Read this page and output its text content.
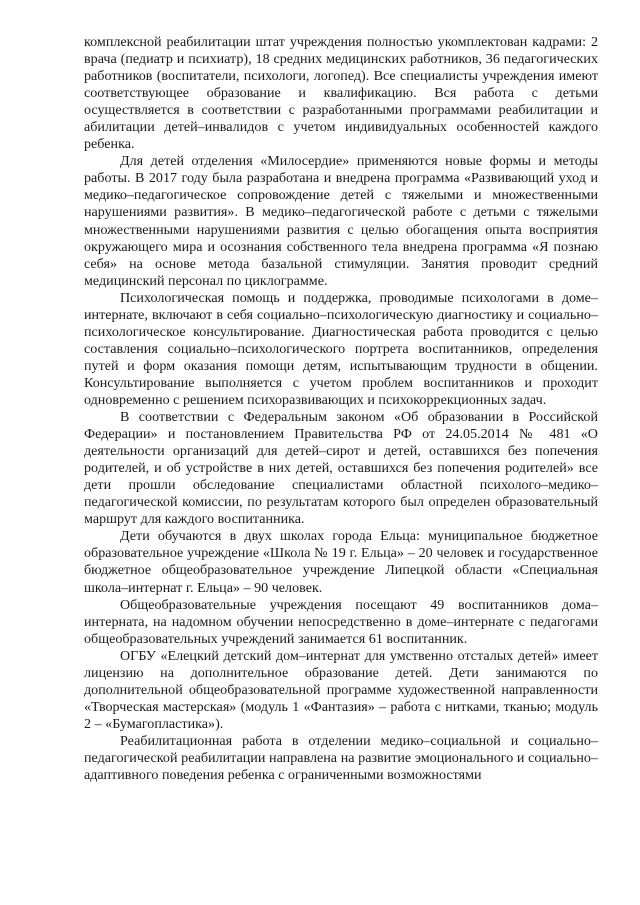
комплексной реабилитации штат учреждения полностью укомплектован кадрами: 2 врача (педиатр и психиатр), 18 средних медицинских работников, 36 педагогических работников (воспитатели, психологи, логопед). Все специалисты учреждения имеют соответствующее образование и квалификацию. Вся работа с детьми осуществляется в соответствии с разработанными программами реабилитации и абилитации детей–инвалидов с учетом индивидуальных особенностей каждого ребенка.

Для детей отделения «Милосердие» применяются новые формы и методы работы. В 2017 году была разработана и внедрена программа «Развивающий уход и медико–педагогическое сопровождение детей с тяжелыми и множественными нарушениями развития». В медико–педагогической работе с детьми с тяжелыми множественными нарушениями развития с целью обогащения опыта восприятия окружающего мира и осознания собственного тела внедрена программа «Я познаю себя» на основе метода базальной стимуляции. Занятия проводит средний медицинский персонал по циклограмме.

Психологическая помощь и поддержка, проводимые психологами в доме–интернате, включают в себя социально–психологическую диагностику и социально–психологическое консультирование. Диагностическая работа проводится с целью составления социально–психологического портрета воспитанников, определения путей и форм оказания помощи детям, испытывающим трудности в общении. Консультирование выполняется с учетом проблем воспитанников и проходит одновременно с решением психоразвивающих и психокоррекционных задач.

В соответствии с Федеральным законом «Об образовании в Российской Федерации» и постановлением Правительства РФ от 24.05.2014 № 481 «О деятельности организаций для детей–сирот и детей, оставшихся без попечения родителей, и об устройстве в них детей, оставшихся без попечения родителей» все дети прошли обследование специалистами областной психолого–медико–педагогической комиссии, по результатам которого был определен образовательный маршрут для каждого воспитанника.

Дети обучаются в двух школах города Ельца: муниципальное бюджетное образовательное учреждение «Школа № 19 г. Ельца» – 20 человек и государственное бюджетное общеобразовательное учреждение Липецкой области «Специальная школа–интернат г. Ельца» – 90 человек.

Общеобразовательные учреждения посещают 49 воспитанников дома–интерната, на надомном обучении непосредственно в доме–интернате с педагогами общеобразовательных учреждений занимается 61 воспитанник.

ОГБУ «Елецкий детский дом–интернат для умственно отсталых детей» имеет лицензию на дополнительное образование детей. Дети занимаются по дополнительной общеобразовательной программе художественной направленности «Творческая мастерская» (модуль 1 «Фантазия» – работа с нитками, тканью; модуль 2 – «Бумагопластика»).

Реабилитационная работа в отделении медико–социальной и социально–педагогической реабилитации направлена на развитие эмоционального и социально–адаптивного поведения ребенка с ограниченными возможностями
